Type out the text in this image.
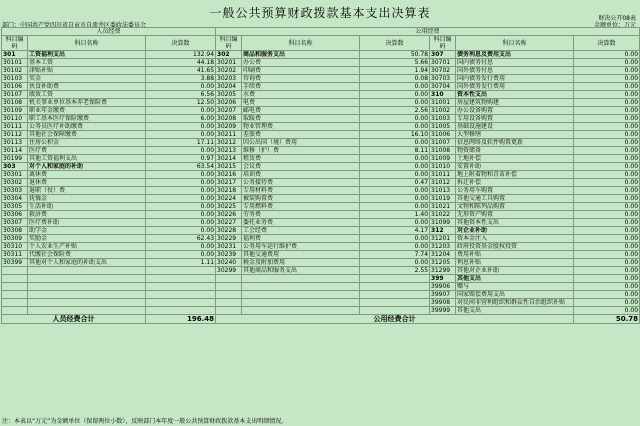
一般公共预算财政拨款基本支出决算表	财决公开08表
部门：中国共产党四川省自贡市自流井区委政法委员会	金额单位：万元
人员经费			公用经费					
科目编码	科目名称	决算数	科目编码	科目名称	决算数	科目编码	科目名称	决算数
301	工资福利支出	132.94	302	商品和服务支出	50.78	307	债务利息及费用支出	0.00
30101	基本工资	44.18	30201	办公费	5.66	30701	国内债务付息	0.00
30102	津贴补贴	41.65	30202	印刷费	1.94	30702	国外债务付息	0.00
30103	奖金	3.88	30203	咨询费	0.08	30703	国内债务发行费用	0.00
30106	伙食补助费	0.00	30204	手续费	0.00	30704	国外债务发行费用	0.00
30107	绩效工资	6.56	30205	水费	0.00	310	资本性支出	0.00
30108	机关事业单位基本养老保险费	12.50	30206	电费	0.00	31001	房屋建筑物购建	0.00
30109	职业年金缴费	0.00	30207	邮电费	2.56	31002	办公设备购置	0.00
30110	职工基本医疗保险缴费	6.00	30208	取暖费	0.00	31003	专用设备购置	0.00
30111	公务员医疗补助缴费	0.00	30209	物业管理费	0.00	31005	基础设施建设	0.00
30112	其他社会保障缴费	0.00	30211	差旅费	16.10	31006	大型修缮	0.00
30113	住房公积金	17.11	30212	因公出国（境）费用	0.00	31007	信息网络及软件购置更新	0.00
30114	医疗费	0.00	30213	维修（护）费	8.11	31008	物资储备	0.00
30199	其他工资福利支出	0.97	30214	租赁费	0.00	31009	土地补偿	0.00
303	对个人和家庭的补助	63.54	30215	会议费	0.00	31010	安置补助	0.00
30301	离休费	0.00	30216	培训费	0.00	31011	地上附着物和青苗补偿	0.00
30302	退休费	0.00	30217	公务接待费	0.47	31012	拆迁补偿	0.00
30303	退职（役）费	0.00	30218	专用材料费	0.00	31013	公务用车购置	0.00
30304	抚恤金	0.00	30224	被装购置费	0.00	31019	其他交通工具购置	0.00
30305	生活补助	0.00	30225	专用燃料费	0.00	31021	文物和陈列品购置	0.00
30306	救济费	0.00	30226	劳务费	1.40	31022	无形资产购置	0.00
30307	医疗费补助	0.00	30227	委托业务费	0.00	31099	其他资本性支出	0.00
30308	助学金	0.00	30228	工会经费	4.17	312	对企业补助	0.00
30309	奖励金	62.43	30229	福利费	0.00	31201	资本金注入	0.00
30310	个人农业生产补贴	0.00	30231	公务用车运行维护费	0.00	31203	政府投资基金股权投资	0.00
30311	代缴社会保险费	0.00	30239	其他交通费用	7.74	31204	费用补贴	0.00
30399	其他对个人和家庭的补助支出	1.11	30240	税金及附加费用	0.00	31205	利息补贴	0.00
			30299	其他商品和服务支出	2.55	31299	其他对企业补助	0.00
						399	其他支出	0.00
						39906	赠与	0.00
						39907	国家赔偿费用支出	0.00
						39908	对民间非营利组织和群众性自治组织补贴	0.00
						39999	其他支出	0.00
人员经费合计		196.48	公用经费合计					50.78
注：本表以“万元”为金额单位（保留两位小数），反映部门本年度一般公共预算财政拨款基本支出明细情况。
